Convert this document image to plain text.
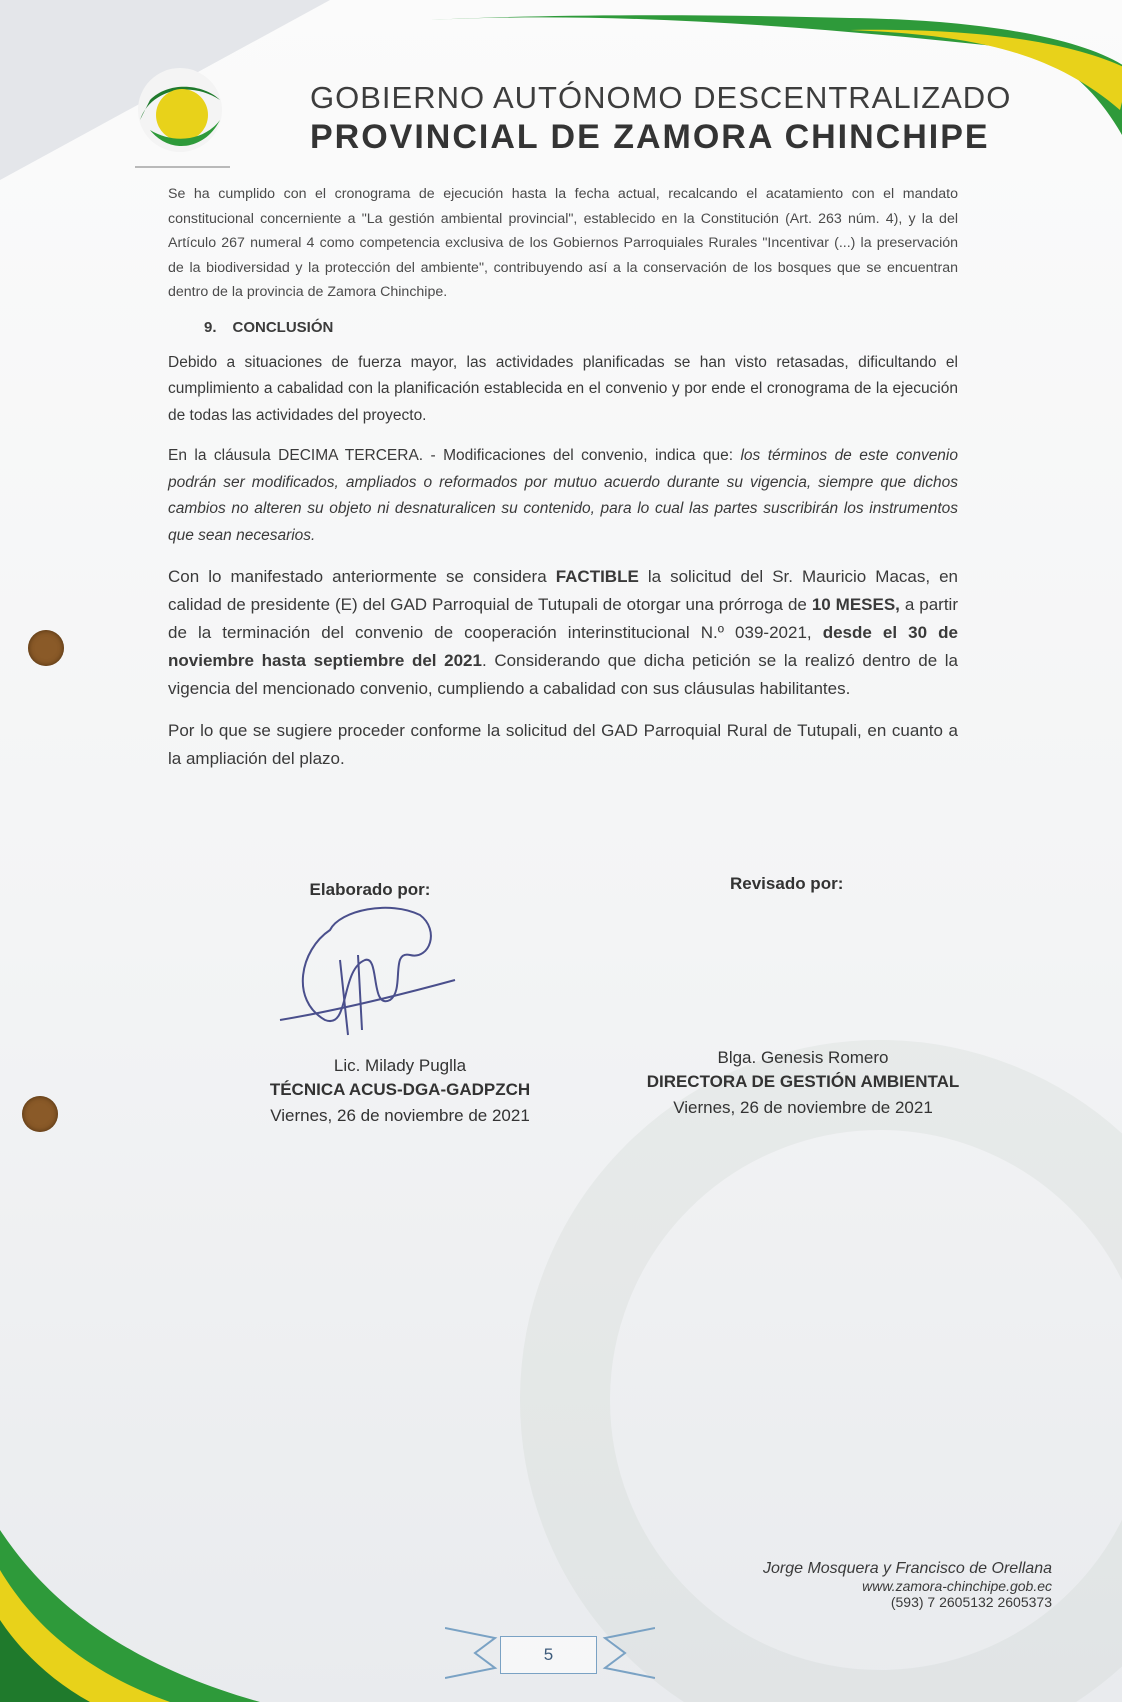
GOBIERNO AUTÓNOMO DESCENTRALIZADO
PROVINCIAL DE ZAMORA CHINCHIPE

Se ha cumplido con el cronograma de ejecución hasta la fecha actual, recalcando el acatamiento con el mandato constitucional concerniente a "La gestión ambiental provincial", establecido en la Constitución (Art. 263 núm. 4), y la del Artículo 267 numeral 4 como competencia exclusiva de los Gobiernos Parroquiales Rurales "Incentivar (...) la preservación de la biodiversidad y la protección del ambiente", contribuyendo así a la conservación de los bosques que se encuentran dentro de la provincia de Zamora Chinchipe.

9. CONCLUSIÓN

Debido a situaciones de fuerza mayor, las actividades planificadas se han visto retasadas, dificultando el cumplimiento a cabalidad con la planificación establecida en el convenio y por ende el cronograma de la ejecución de todas las actividades del proyecto.

En la cláusula DECIMA TERCERA. - Modificaciones del convenio, indica que: los términos de este convenio podrán ser modificados, ampliados o reformados por mutuo acuerdo durante su vigencia, siempre que dichos cambios no alteren su objeto ni desnaturalicen su contenido, para lo cual las partes suscribirán los instrumentos que sean necesarios.

Con lo manifestado anteriormente se considera FACTIBLE la solicitud del Sr. Mauricio Macas, en calidad de presidente (E) del GAD Parroquial de Tutupali de otorgar una prórroga de 10 MESES, a partir de la terminación del convenio de cooperación interinstitucional N.º 039-2021, desde el 30 de noviembre hasta septiembre del 2021. Considerando que dicha petición se la realizó dentro de la vigencia del mencionado convenio, cumpliendo a cabalidad con sus cláusulas habilitantes.

Por lo que se sugiere proceder conforme la solicitud del GAD Parroquial Rural de Tutupali, en cuanto a la ampliación del plazo.

Elaborado por:	Revisado por:
Lic. Milady Puglla
TÉCNICA ACUS-DGA-GADPZCH
Viernes, 26 de noviembre de 2021
Blga. Genesis Romero
DIRECTORA DE GESTIÓN AMBIENTAL
Viernes, 26 de noviembre de 2021
Jorge Mosquera y Francisco de Orellana
www.zamora-chinchipe.gob.ec
(593) 7 2605132 2605373
5
